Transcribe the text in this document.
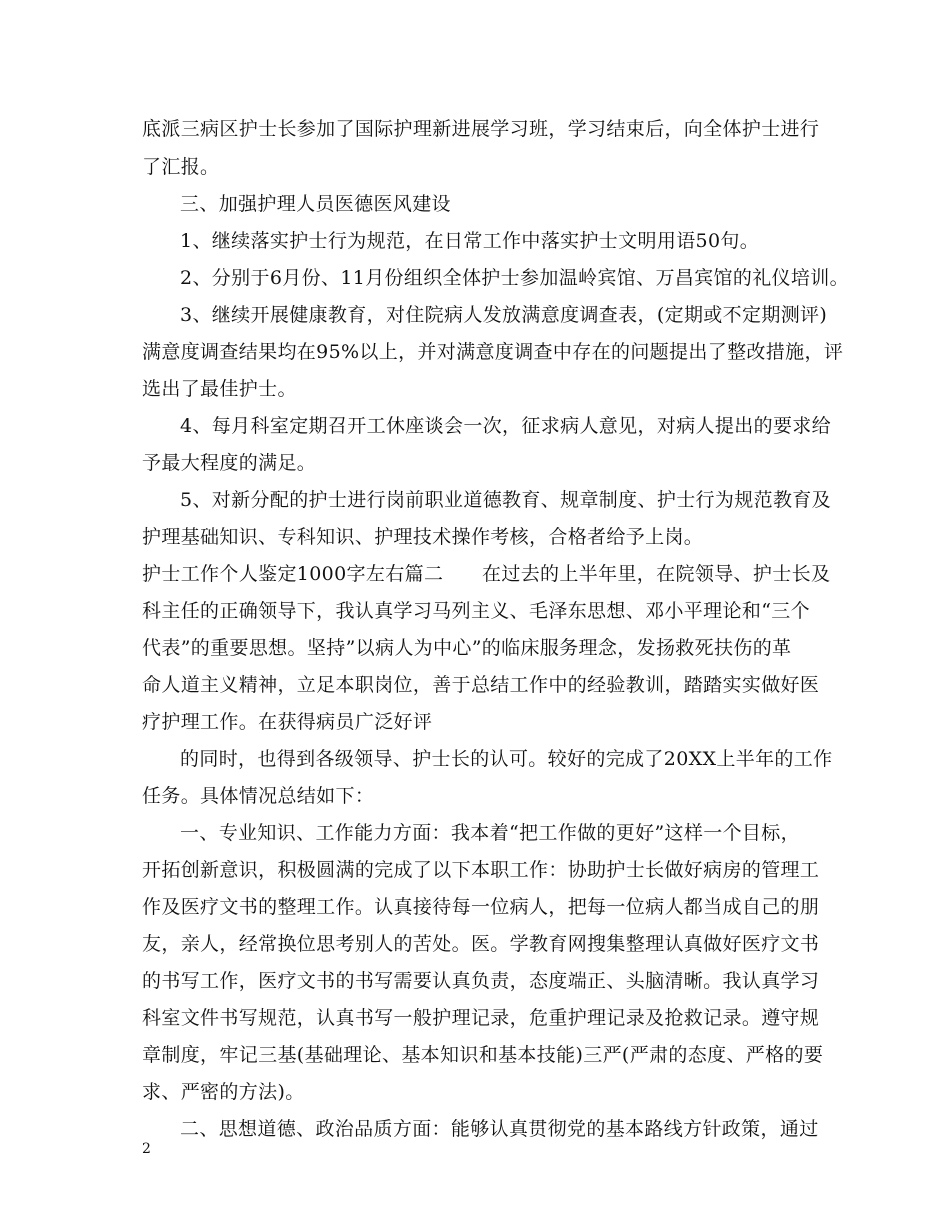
底派三病区护士长参加了国际护理新进展学习班，学习结束后，向全体护士进行
了汇报。
三、加强护理人员医德医风建设
1、继续落实护士行为规范，在日常工作中落实护士文明用语50句。
2、分别于6月份、11月份组织全体护士参加温岭宾馆、万昌宾馆的礼仪培训。
3、继续开展健康教育，对住院病人发放满意度调查表，(定期或不定期测评)
满意度调查结果均在95%以上，并对满意度调查中存在的问题提出了整改措施，评
选出了最佳护士。
4、每月科室定期召开工休座谈会一次，征求病人意见，对病人提出的要求给
予最大程度的满足。
5、对新分配的护士进行岗前职业道德教育、规章制度、护士行为规范教育及
护理基础知识、专科知识、护理技术操作考核，合格者给予上岗。
护士工作个人鉴定1000字左右篇二　　在过去的上半年里，在院领导、护士长及
科主任的正确领导下，我认真学习马列主义、毛泽东思想、邓小平理论和“三个
代表”的重要思想。坚持”以病人为中心”的临床服务理念，发扬救死扶伤的革
命人道主义精神，立足本职岗位，善于总结工作中的经验教训，踏踏实实做好医
疗护理工作。在获得病员广泛好评
的同时，也得到各级领导、护士长的认可。较好的完成了20XX上半年的工作
任务。具体情况总结如下：
一、专业知识、工作能力方面：我本着“把工作做的更好”这样一个目标，
开拓创新意识，积极圆满的完成了以下本职工作：协助护士长做好病房的管理工
作及医疗文书的整理工作。认真接待每一位病人，把每一位病人都当成自己的朋
友，亲人，经常换位思考别人的苦处。医。学教育网搜集整理认真做好医疗文书
的书写工作，医疗文书的书写需要认真负责，态度端正、头脑清晰。我认真学习
科室文件书写规范，认真书写一般护理记录，危重护理记录及抢救记录。遵守规
章制度，牢记三基(基础理论、基本知识和基本技能)三严(严肃的态度、严格的要
求、严密的方法)。
二、思想道德、政治品质方面：能够认真贯彻党的基本路线方针政策，通过
2
